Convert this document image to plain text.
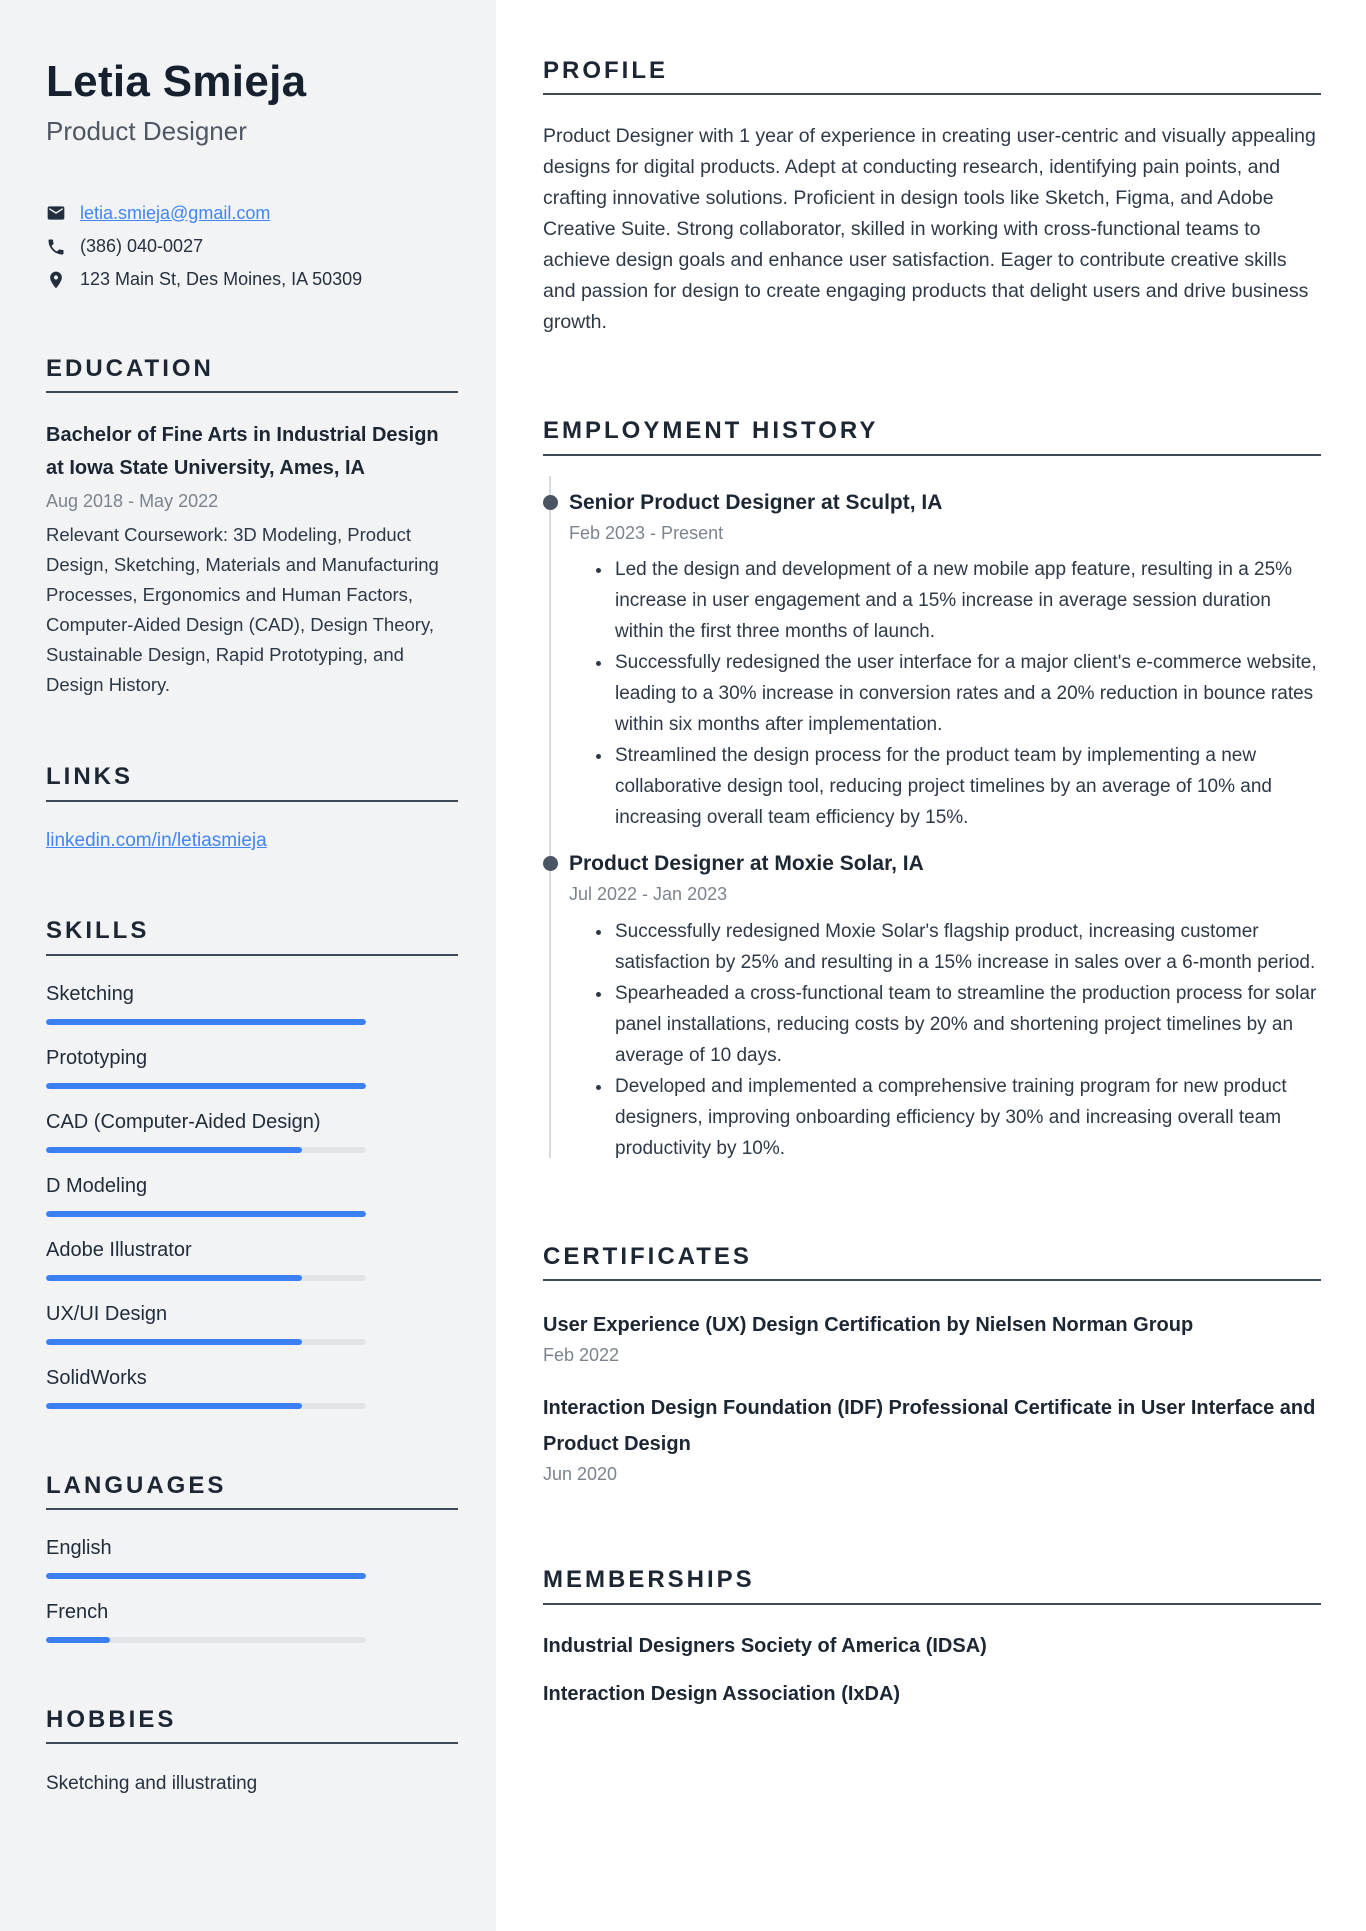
Letia Smieja
Product Designer
letia.smieja@gmail.com
(386) 040-0027
123 Main St, Des Moines, IA 50309
EDUCATION

Bachelor of Fine Arts in Industrial Design at Iowa State University, Ames, IA

Aug 2018 - May 2022
Relevant Coursework: 3D Modeling, Product Design, Sketching, Materials and Manufacturing Processes, Ergonomics and Human Factors, Computer-Aided Design (CAD), Design Theory, Sustainable Design, Rapid Prototyping, and Design History.
LINKS
linkedin.com/in/letiasmieja
SKILLS
Sketching
Prototyping
CAD (Computer-Aided Design)
D Modeling
Adobe Illustrator
UX/UI Design
SolidWorks
LANGUAGES
English
French
HOBBIES
Sketching and illustrating
PROFILE

Product Designer with 1 year of experience in creating user-centric and visually appealing designs for digital products. Adept at conducting research, identifying pain points, and crafting innovative solutions. Proficient in design tools like Sketch, Figma, and Adobe Creative Suite. Strong collaborator, skilled in working with cross-functional teams to achieve design goals and enhance user satisfaction. Eager to contribute creative skills and passion for design to create engaging products that delight users and drive business growth.

EMPLOYMENT HISTORY
Senior Product Designer at Sculpt, IA
Feb 2023 - Present
• Led the design and development of a new mobile app feature, resulting in a 25% increase in user engagement and a 15% increase in average session duration within the first three months of launch.
• Successfully redesigned the user interface for a major client's e-commerce website, leading to a 30% increase in conversion rates and a 20% reduction in bounce rates within six months after implementation.
• Streamlined the design process for the product team by implementing a new collaborative design tool, reducing project timelines by an average of 10% and increasing overall team efficiency by 15%.
Product Designer at Moxie Solar, IA
Jul 2022 - Jan 2023
• Successfully redesigned Moxie Solar's flagship product, increasing customer satisfaction by 25% and resulting in a 15% increase in sales over a 6-month period.
• Spearheaded a cross-functional team to streamline the production process for solar panel installations, reducing costs by 20% and shortening project timelines by an average of 10 days.
• Developed and implemented a comprehensive training program for new product designers, improving onboarding efficiency by 30% and increasing overall team productivity by 10%.
CERTIFICATES

User Experience (UX) Design Certification by Nielsen Norman Group

Feb 2022

Interaction Design Foundation (IDF) Professional Certificate in User Interface and Product Design

Jun 2020
MEMBERSHIPS
Industrial Designers Society of America (IDSA)
Interaction Design Association (IxDA)
